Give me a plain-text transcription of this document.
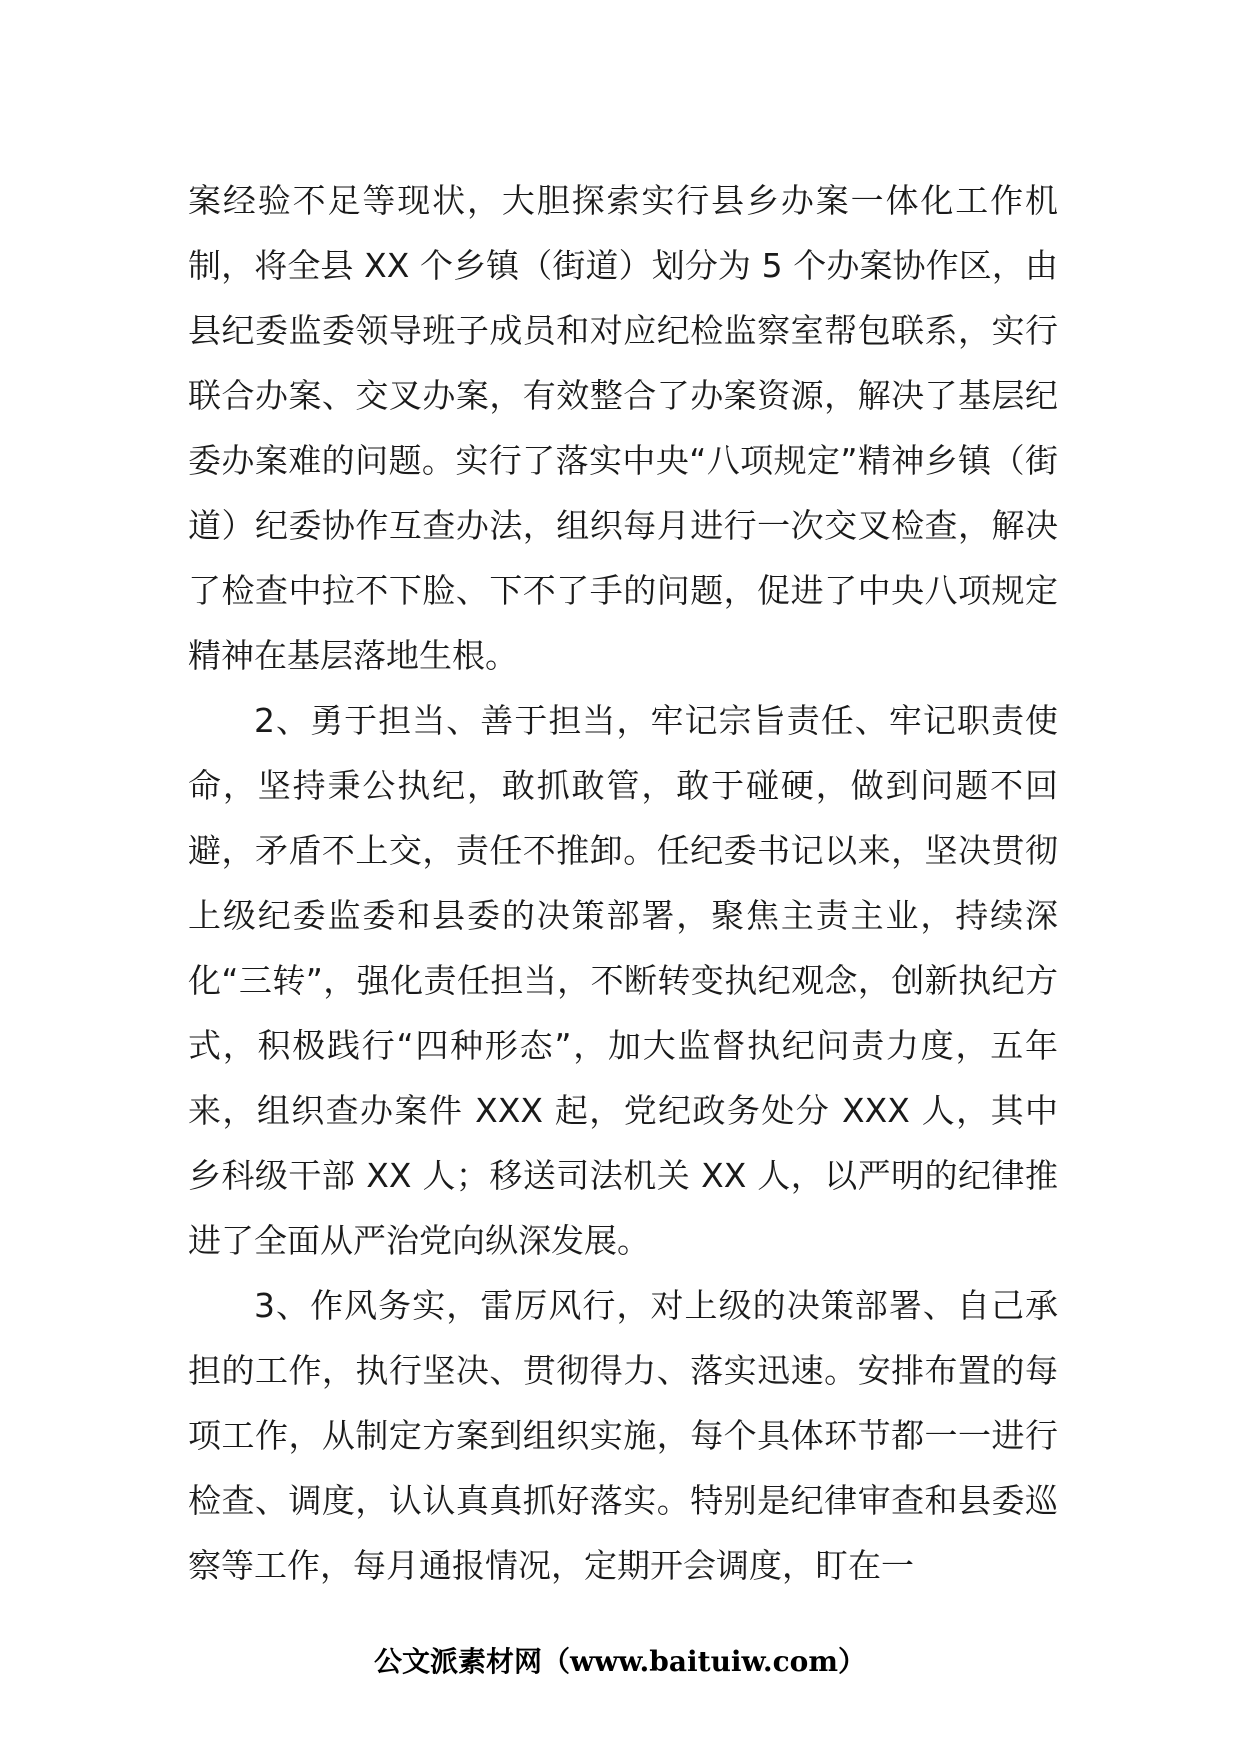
案经验不足等现状，大胆探索实行县乡办案一体化工作机制，将全县 XX 个乡镇（街道）划分为 5 个办案协作区，由县纪委监委领导班子成员和对应纪检监察室帮包联系，实行联合办案、交叉办案，有效整合了办案资源，解决了基层纪委办案难的问题。实行了落实中央“八项规定”精神乡镇（街道）纪委协作互查办法，组织每月进行一次交叉检查，解决了检查中拉不下脸、下不了手的问题，促进了中央八项规定精神在基层落地生根。

2、勇于担当、善于担当，牢记宗旨责任、牢记职责使命，坚持秉公执纪，敢抓敢管，敢于碰硬，做到问题不回避，矛盾不上交，责任不推卸。任纪委书记以来，坚决贯彻上级纪委监委和县委的决策部署，聚焦主责主业，持续深化“三转”，强化责任担当，不断转变执纪观念，创新执纪方式，积极践行“四种形态”，加大监督执纪问责力度，五年来，组织查办案件 XXX 起，党纪政务处分 XXX 人，其中乡科级干部 XX 人；移送司法机关 XX 人，以严明的纪律推进了全面从严治党向纵深发展。

3、作风务实，雷厉风行，对上级的决策部署、自己承担的工作，执行坚决、贯彻得力、落实迅速。安排布置的每项工作，从制定方案到组织实施，每个具体环节都一一进行检查、调度，认认真真抓好落实。特别是纪律审查和县委巡察等工作，每月通报情况，定期开会调度，盯在一

公文派素材网（www.baituiw.com）
